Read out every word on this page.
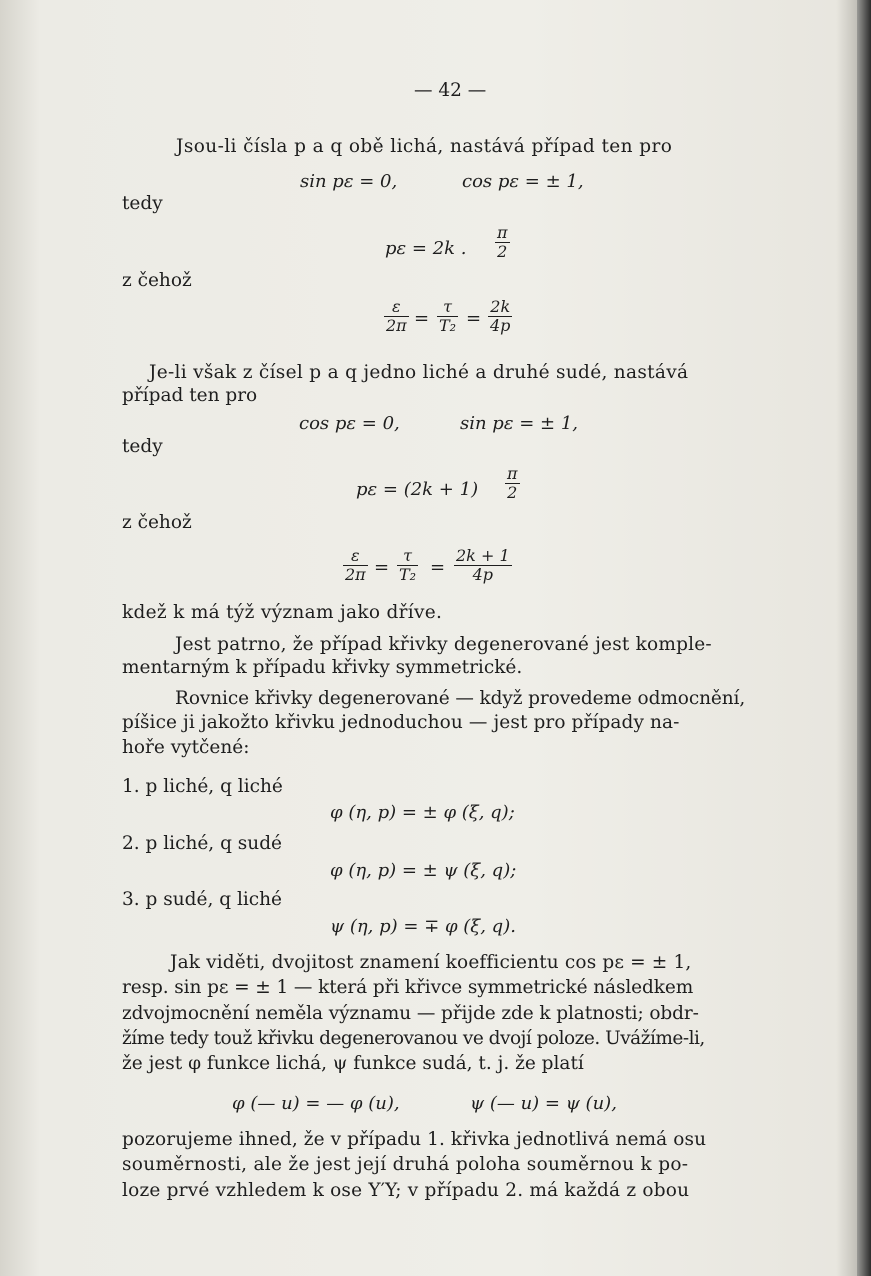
— 42 —
Jsou-li čísla p a q obě lichá, nastává případ ten pro
tedy
sin pε = 0,	cos pε = ± 1,
pε = 2k . $\frac{\pi}{2}$
z čehož
$\frac{\varepsilon}{2\pi} = \frac{\tau}{\text{T₂}} = \frac{2k}{4p}$
Je-li však z čísel p a q jedno liché a druhé sudé, nastává
případ ten pro
cos pε = 0,	sin pε = ± 1,
tedy
$p\varepsilon = (2k + 1) \frac{\pi}{2}$
z čehož
$\frac{\varepsilon}{2\pi} = \frac{\tau}{\text{T₂}} = \frac{2k + 1}{4p}$
kdež k má týž význam jako dříve.
Jest patrno, že případ křivky degenerované jest komple-
mentarným k případu křivky symmetrické.
Rovnice křivky degenerované — když provedeme odmocnění,
píšice ji jakožto křivku jednoduchou — jest pro případy na-
hoře vytčené:
1. p liché, q liché
φ (η, p) = ± φ (ξ, q);
2. p liché, q sudé
φ (η, p) = ± ψ (ξ, q);
3. p sudé, q liché
ψ (η, p) = ∓ φ (ξ, q).
Jak viděti, dvojitost znamení koefficientu cos pε = ± 1,
resp. sin pε = ± 1 — která při křivce symmetrické následkem
zdvojmocnění neměla významu — přijde zde k platnosti; obdr-
žíme tedy touž křivku degenerovanou ve dvojí poloze. Uvážíme-li,
že jest φ funkce lichá, ψ funkce sudá, t. j. že platí
φ (— u) = — φ (u),	ψ (— u) = ψ (u),
pozorujeme ihned, že v případu 1. křivka jednotlivá nemá osu
souměrnosti, ale že jest její druhá poloha souměrnou k po-
loze prvé vzhledem k ose Y′Y; v případu 2. má každá z obou
